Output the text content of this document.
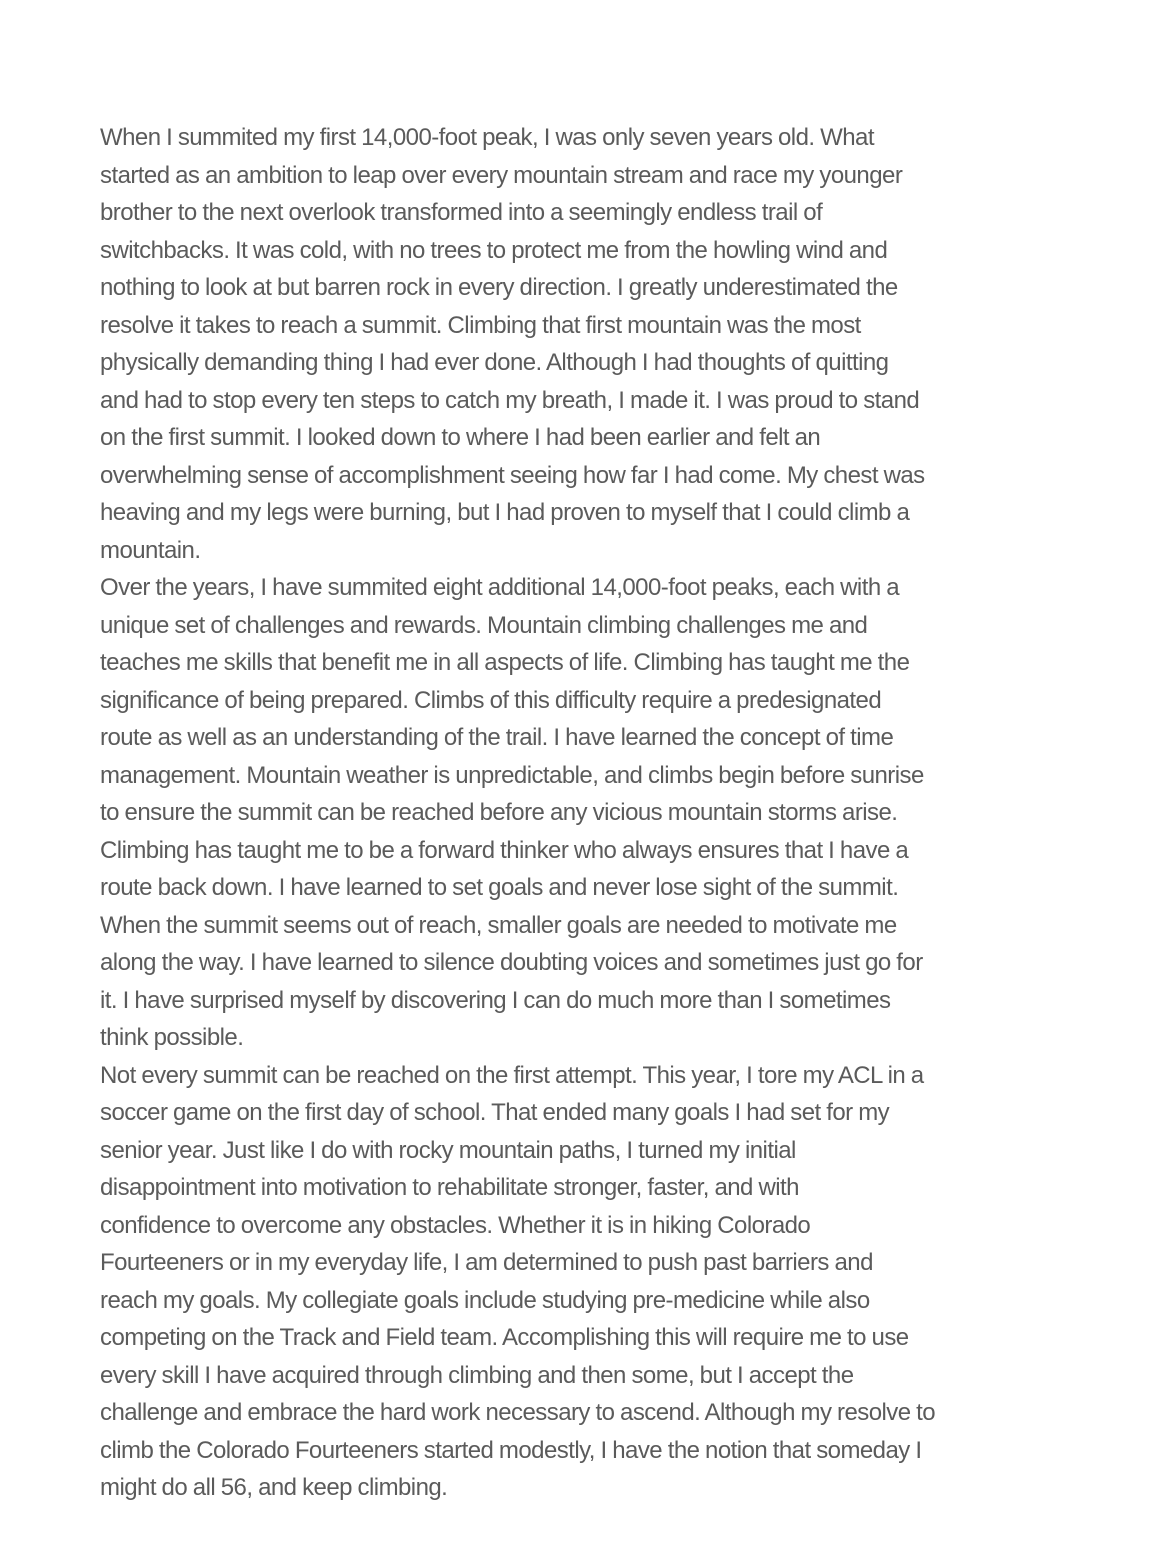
When I summited my first 14,000-foot peak, I was only seven years old. What
started as an ambition to leap over every mountain stream and race my younger
brother to the next overlook transformed into a seemingly endless trail of
switchbacks. It was cold, with no trees to protect me from the howling wind and
nothing to look at but barren rock in every direction. I greatly underestimated the
resolve it takes to reach a summit. Climbing that first mountain was the most
physically demanding thing I had ever done. Although I had thoughts of quitting
and had to stop every ten steps to catch my breath, I made it. I was proud to stand
on the first summit. I looked down to where I had been earlier and felt an
overwhelming sense of accomplishment seeing how far I had come. My chest was
heaving and my legs were burning, but I had proven to myself that I could climb a
mountain.
Over the years, I have summited eight additional 14,000-foot peaks, each with a
unique set of challenges and rewards. Mountain climbing challenges me and
teaches me skills that benefit me in all aspects of life. Climbing has taught me the
significance of being prepared. Climbs of this difficulty require a predesignated
route as well as an understanding of the trail. I have learned the concept of time
management. Mountain weather is unpredictable, and climbs begin before sunrise
to ensure the summit can be reached before any vicious mountain storms arise.
Climbing has taught me to be a forward thinker who always ensures that I have a
route back down. I have learned to set goals and never lose sight of the summit.
When the summit seems out of reach, smaller goals are needed to motivate me
along the way. I have learned to silence doubting voices and sometimes just go for
it. I have surprised myself by discovering I can do much more than I sometimes
think possible.
Not every summit can be reached on the first attempt. This year, I tore my ACL in a
soccer game on the first day of school. That ended many goals I had set for my
senior year. Just like I do with rocky mountain paths, I turned my initial
disappointment into motivation to rehabilitate stronger, faster, and with
confidence to overcome any obstacles. Whether it is in hiking Colorado
Fourteeners or in my everyday life, I am determined to push past barriers and
reach my goals. My collegiate goals include studying pre-medicine while also
competing on the Track and Field team. Accomplishing this will require me to use
every skill I have acquired through climbing and then some, but I accept the
challenge and embrace the hard work necessary to ascend. Although my resolve to
climb the Colorado Fourteeners started modestly, I have the notion that someday I
might do all 56, and keep climbing.
